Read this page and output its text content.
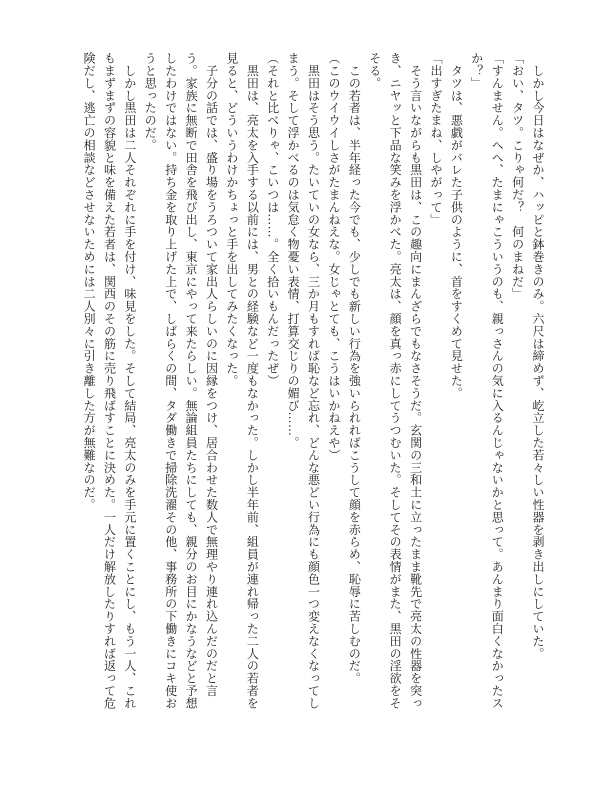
　しかし今日はなぜか、ハッピと鉢巻きのみ。六尺は締めず、屹立した若々しい性器を剥き出しにしていた。
「おい、タツ。こりゃ何だ？　何のまねだ」
「すんません。へへ、たまにゃこういうのも、親っさんの気に入るんじゃないかと思って。あんまり面白くなかったス
か？」
　タツは、悪戯がバレた子供のように、首をすくめて見せた。
「出すぎたまね、しやがって」
　そう言いながらも黒田は、この趣向にまんざらでもなさそうだ。玄関の三和土に立ったまま靴先で亮太の性器を突っ
き、ニヤッと下品な笑みを浮かべた。亮太は、顔を真っ赤にしてうつむいた。そしてその表情がまた、黒田の淫欲をそ
そる。
　この若者は、半年経った今でも、少しでも新しい行為を強いられればこうして顔を赤らめ、恥辱に苦しむのだ。
（このウイウイしさがたまんねえな。女じゃとても、こうはいかねえや）
　黒田はそう思う。たいていの女なら、三か月もすれば恥など忘れ、どんな悪どい行為にも顔色一つ変えなくなってし
まう。そして浮かべるのは気怠く物憂い表情、打算交じりの媚び……。
（それと比べりゃ、こいつは……。全く拾いもんだったぜ）
　黒田は、亮太を入手する以前には、男との経験など一度もなかった。しかし半年前、組員が連れ帰った二人の若者を
見ると、どういうわけかちょっと手を出してみたくなった。
　子分の話では、盛り場をうろついて家出人らしいのに因縁をつけ、居合わせた数人で無理やり連れ込んだのだと言
う。家族に無断で田舎を飛び出し、東京にやって来たらしい。無論組員たちにしても、親分のお目にかなうなどと予想
したわけではない。持ち金を取り上げた上で、しばらくの間、タダ働きで掃除洗濯その他、事務所の下働きにコキ使お
うと思ったのだ。
　しかし黒田は二人それぞれに手を付け、味見をした。そして結局、亮太のみを手元に置くことにし、もう一人、これ
もまずまずの容貌と味を備えた若者は、関西のその筋に売り飛ばすことに決めた。一人だけ解放したりすれば返って危
険だし、逃亡の相談などさせないためには二人別々に引き離した方が無難なのだ。
